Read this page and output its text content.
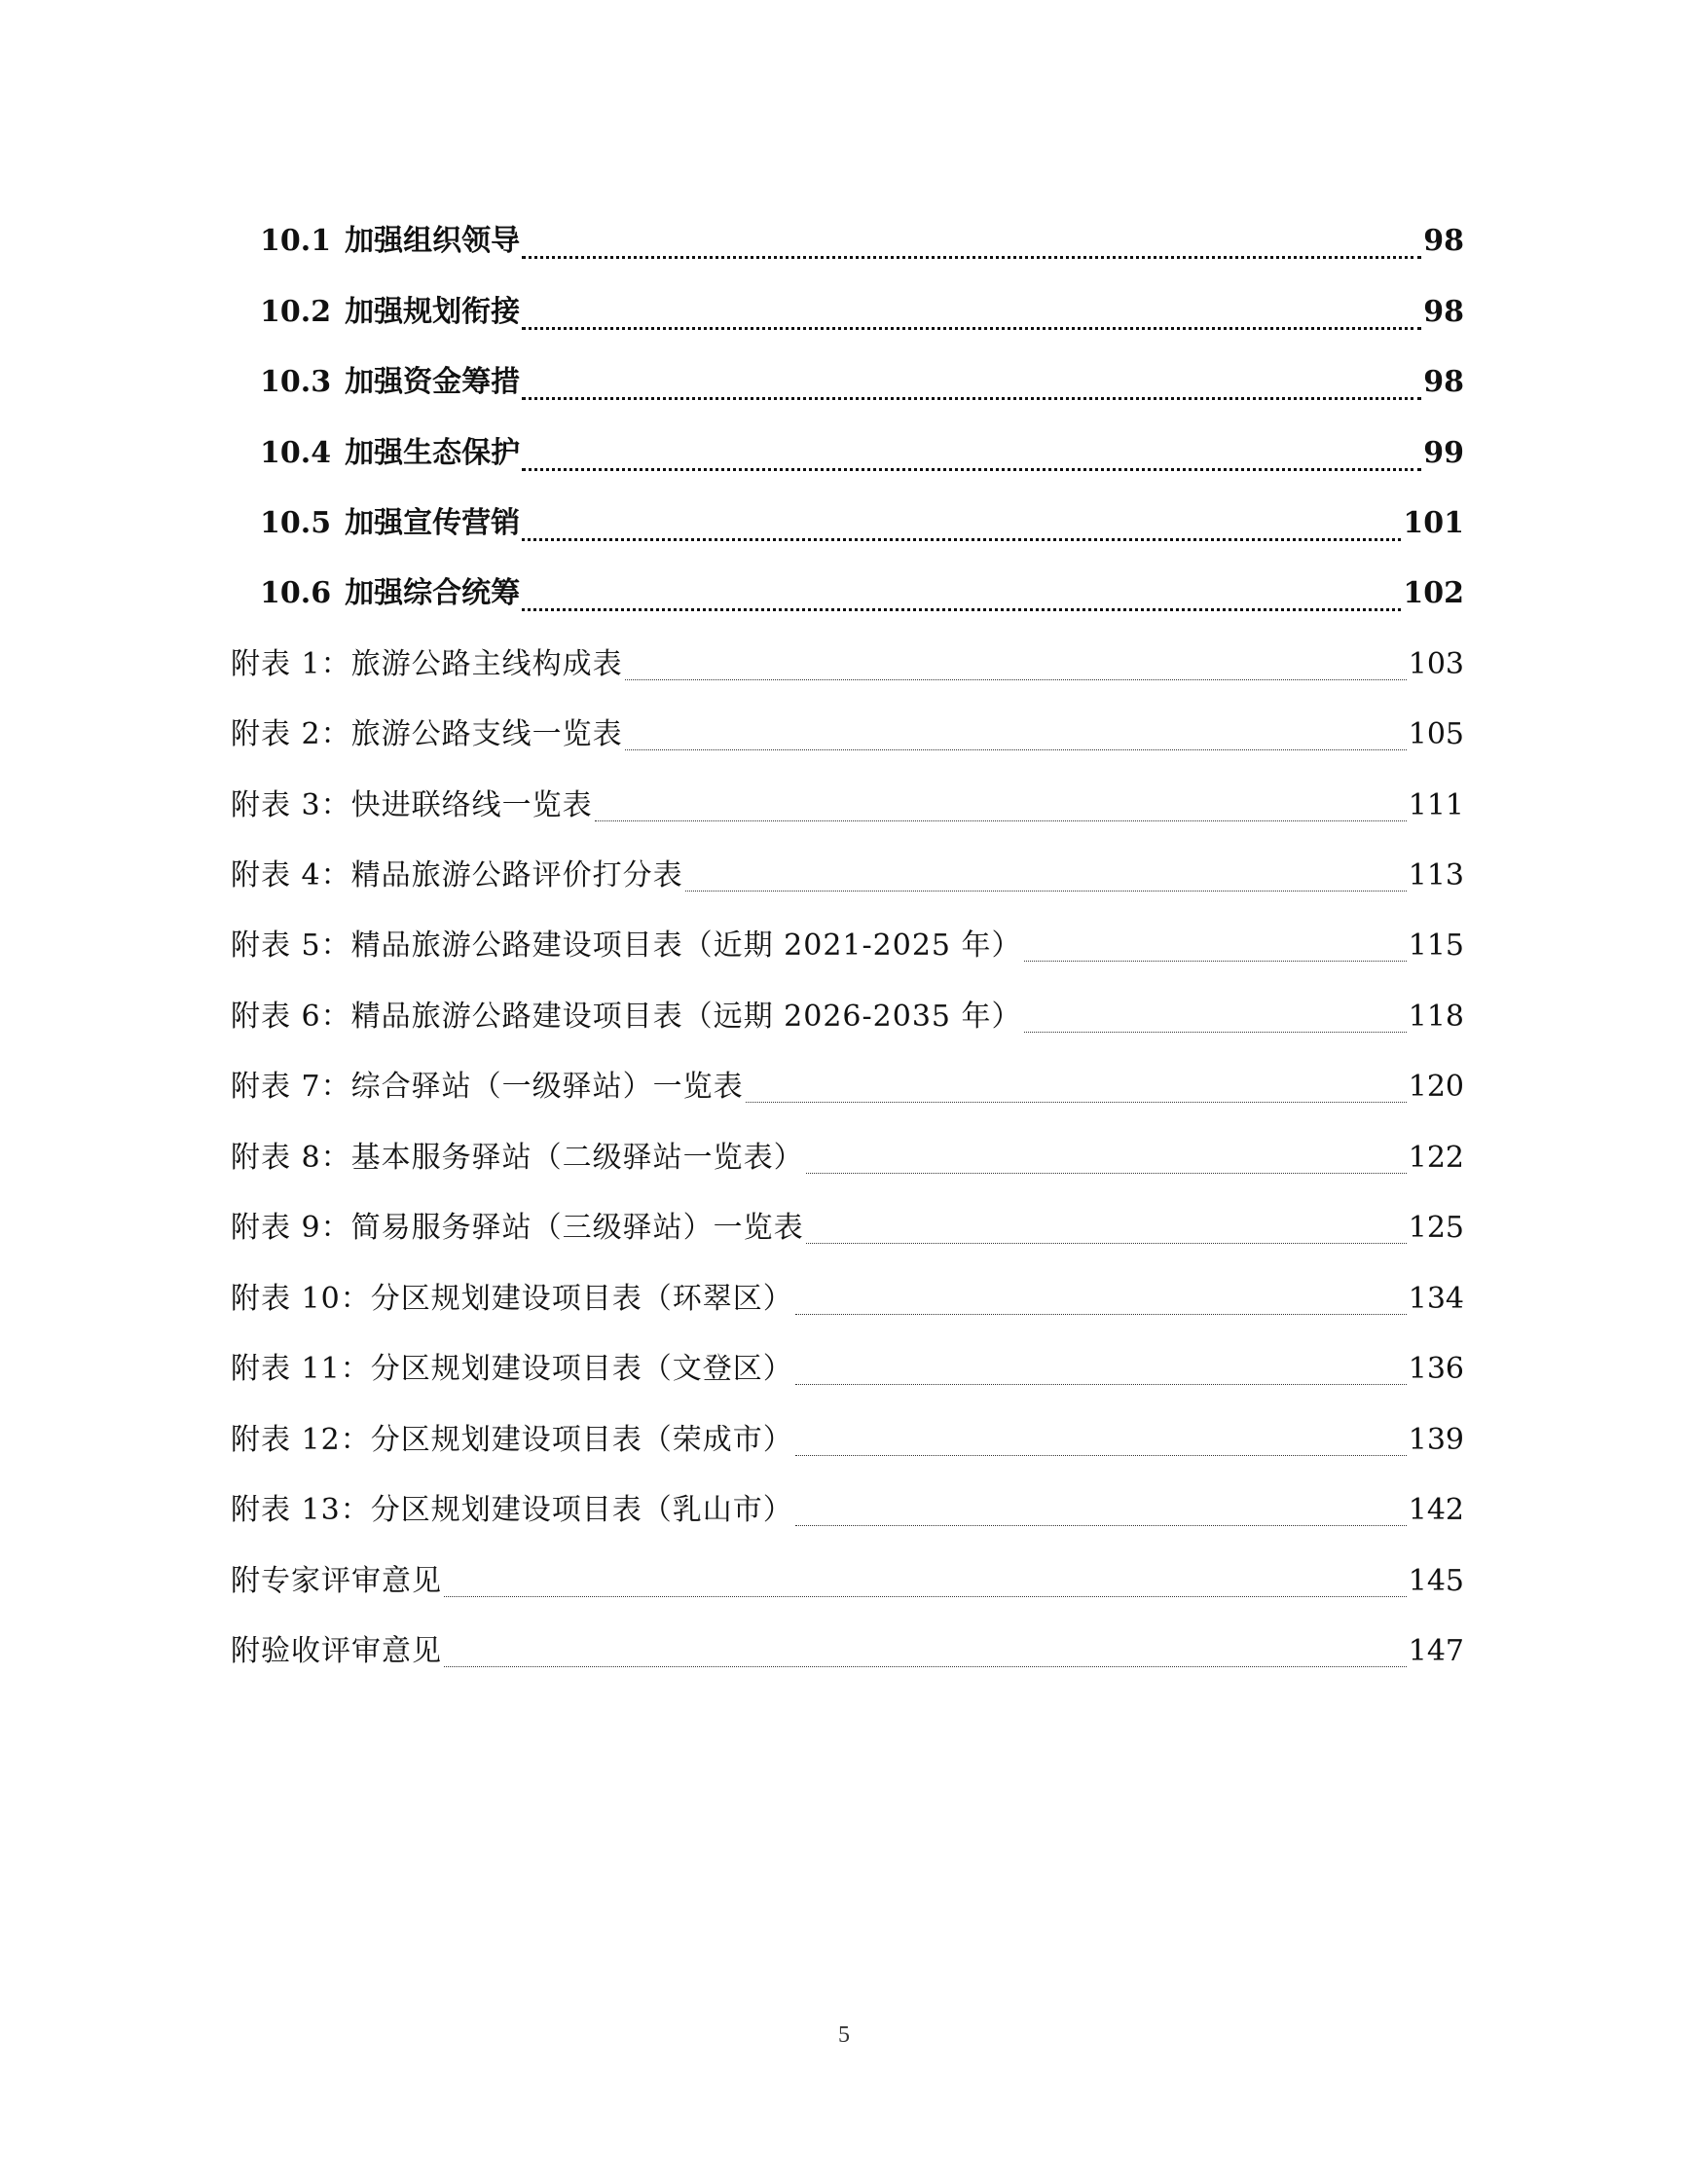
10.1 加强组织领导	98
10.2 加强规划衔接	98
10.3 加强资金筹措	98
10.4 加强生态保护	99
10.5 加强宣传营销	101
10.6 加强综合统筹	102
附表 1：旅游公路主线构成表	103
附表 2：旅游公路支线一览表	105
附表 3：快进联络线一览表	111
附表 4：精品旅游公路评价打分表	113
附表 5：精品旅游公路建设项目表（近期 2021-2025 年）	115
附表 6：精品旅游公路建设项目表（远期 2026-2035 年）	118
附表 7：综合驿站（一级驿站）一览表	120
附表 8：基本服务驿站（二级驿站一览表）	122
附表 9：简易服务驿站（三级驿站）一览表	125
附表 10：分区规划建设项目表（环翠区）	134
附表 11：分区规划建设项目表（文登区）	136
附表 12：分区规划建设项目表（荣成市）	139
附表 13：分区规划建设项目表（乳山市）	142
附专家评审意见	145
附验收评审意见	147
5
